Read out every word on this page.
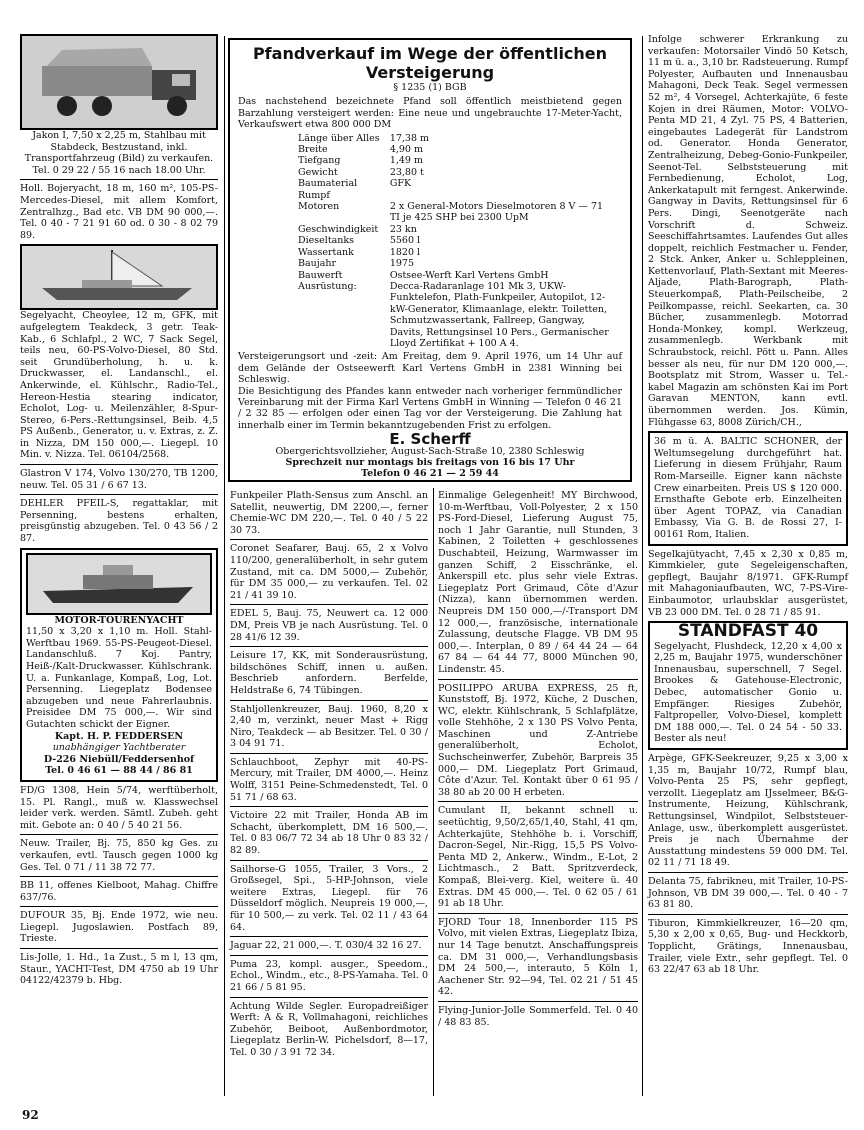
Jakon I, 7,50 x 2,25 m, Stahlbau mit Stabdeck, Bestzustand, inkl. Transportfahrzeug (Bild) zu verkaufen. Tel. 0 29 22 / 55 16 nach 18.00 Uhr.

Holl. Bojeryacht, 18 m, 160 m², 105-PS-Mercedes-Diesel, mit allem Komfort, Zentralhzg., Bad etc. VB DM 90 000,—. Tel. 0 40 - 7 21 91 60 od. 0 30 - 8 02 79 89.

Segelyacht, Cheoylee, 12 m, GFK, mit aufgelegtem Teakdeck, 3 getr. Teak-Kab., 6 Schlafpl., 2 WC, 7 Sack Segel, teils neu, 60-PS-Volvo-Diesel, 80 Std. seit Grundüberholung, h. u. k. Druckwasser, el. Landanschl., el. Ankerwinde, el. Kühlschr., Radio-Tel., Hereon-Hestia stearing indicator, Echolot, Log- u. Meilenzähler, 8-Spur-Stereo, 6-Pers.-Rettungsinsel, Beib. 4,5 PS Außenb., Generator, u. v. Extras, z. Z. in Nizza, DM 150 000,—. Liegepl. 10 Min. v. Nizza. Tel. 06104/2568.

Glastron V 174, Volvo 130/270, TB 1200, neuw. Tel. 05 31 / 6 67 13.

DEHLER PFEIL-S, regattaklar, mit Persenning, bestens erhalten, preisgünstig abzugeben. Tel. 0 43 56 / 2 87.

MOTOR-TOURENYACHT

11,50 x 3,20 x 1,10 m. Holl. Stahl-Werftbau 1969. 55-PS-Peugeot-Diesel. Landanschluß. 7 Koj. Pantry, Heiß-/Kalt-Druckwasser. Kühlschrank. U. a. Funkanlage, Kompaß, Log, Lot. Persenning. Liegeplatz Bodensee abzugeben und neue Fahrerlaubnis. Preisidee DM 75 000,—. Wir sind Gutachten schickt der Eigner.

Kapt. H. P. FEDDERSEN
unabhängiger Yachtberater
D-226 Niebüll/Feddersenhof
Tel. 0 46 61 — 88 44 / 86 81

FD/G 1308, Hein 5/74, werftüberholt, 15. Pl. Rangl., muß w. Klasswechsel leider verk. werden. Sämtl. Zubeh. geht mit. Gebote an: 0 40 / 5 40 21 56.

Neuw. Trailer, Bj. 75, 850 kg Ges. zu verkaufen, evtl. Tausch gegen 1000 kg Ges. Tel. 0 71 / 11 38 72 77.

BB 11, offenes Kielboot, Mahag. Chiffre 637/76.

DUFOUR 35, Bj. Ende 1972, wie neu. Liegepl. Jugoslawien. Postfach 89, Trieste.

Lis-Jolle, 1. Hd., 1a Zust., 5 m l, 13 qm, Staur., YACHT-Test, DM 4750 ab 19 Uhr 04122/42379 b. Hbg.

Pfandverkauf im Wege der öffentlichen Versteigerung
§ 1235 (1) BGB

Das nachstehend bezeichnete Pfand soll öffentlich meistbietend gegen Barzahlung versteigert werden: Eine neue und ungebrauchte 17-Meter-Yacht, Verkaufswert etwa 800 000 DM

Länge über Alles	17,38 m
Breite	4,90 m
Tiefgang	1,49 m
Gewicht	23,80 t
Baumaterial Rumpf	GFK
Motoren	2 x General-Motors Dieselmotoren 8 V — 71 TI je 425 SHP bei 2300 UpM
Geschwindigkeit	23 kn
Dieseltanks	5560 l
Wassertank	1820 l
Baujahr	1975
Bauwerft	Ostsee-Werft Karl Vertens GmbH
Ausrüstung:	Decca-Radaranlage 101 Mk 3, UKW-Funktelefon, Plath-Funkpeiler, Autopilot, 12-kW-Generator, Klimaanlage, elektr. Toiletten, Schmutzwassertank, Fallreep, Gangway, Davits, Rettungsinsel 10 Pers., Germanischer Lloyd Zertifikat + 100 A 4.

Versteigerungsort und -zeit: Am Freitag, dem 9. April 1976, um 14 Uhr auf dem Gelände der Ostseewerft Karl Vertens GmbH in 2381 Winning bei Schleswig.

Die Besichtigung des Pfandes kann entweder nach vorheriger fernmündlicher Vereinbarung mit der Firma Karl Vertens GmbH in Winning — Telefon 0 46 21 / 2 32 85 — erfolgen oder einen Tag vor der Versteigerung. Die Zahlung hat innerhalb einer im Termin bekanntzugebenden Frist zu erfolgen.

E. Scherff
Obergerichtsvollzieher, August-Sach-Straße 10, 2380 Schleswig
Sprechzeit nur montags bis freitags von 16 bis 17 Uhr
Telefon 0 46 21 — 2 59 44

Funkpeiler Plath-Sensus zum Anschl. an Satellit, neuwertig, DM 2200,—, ferner Chemie-WC DM 220,—. Tel. 0 40 / 5 22 30 73.

Coronet Seafarer, Bauj. 65, 2 x Volvo 110/200, generalüberholt, in sehr gutem Zustand, mit ca. DM 5000,— Zubehör, für DM 35 000,— zu verkaufen. Tel. 02 21 / 41 39 10.

EDEL 5, Bauj. 75, Neuwert ca. 12 000 DM, Preis VB je nach Ausrüstung. Tel. 0 28 41/6 12 39.

Leisure 17, KK, mit Sonderausrüstung, bildschönes Schiff, innen u. außen. Beschrieb anfordern. Berfelde, Heldstraße 6, 74 Tübingen.

Stahljollenkreuzer, Bauj. 1960, 8,20 x 2,40 m, verzinkt, neuer Mast + Rigg Niro, Teakdeck — ab Besitzer. Tel. 0 30 / 3 04 91 71.

Schlauchboot, Zephyr mit 40-PS-Mercury, mit Trailer, DM 4000,—. Heinz Wolff, 3151 Peine-Schmedenstedt, Tel. 0 51 71 / 68 63.

Victoire 22 mit Trailer, Honda AB im Schacht, überkomplett, DM 16 500,—. Tel. 0 83 06/7 72 34 ab 18 Uhr 0 83 32 / 82 89.

Sailhorse-G 1055, Trailer, 3 Vors., 2 Großsegel, Spi., 5-HP-Johnson, viele weitere Extras, Liegepl. für 76 Düsseldorf möglich. Neupreis 19 000,—, für 10 500,— zu verk. Tel. 02 11 / 43 64 64.

Jaguar 22, 21 000,—. T. 030/4 32 16 27.

Puma 23, kompl. ausger., Speedom., Echol., Windm., etc., 8-PS-Yamaha. Tel. 0 21 66 / 5 81 95.

Achtung Wilde Segler. Europadreißiger Werft: A & R, Vollmahagoni, reichliches Zubehör, Beiboot, Außenbordmotor, Liegeplatz Berlin-W. Pichelsdorf, 8—17, Tel. 0 30 / 3 91 72 34.

Einmalige Gelegenheit! MY Birchwood, 10-m-Werftbau, Voll-Polyester, 2 x 150 PS-Ford-Diesel, Lieferung August 75, noch 1 Jahr Garantie, null Stunden, 3 Kabinen, 2 Toiletten + geschlossenes Duschabteil, Heizung, Warmwasser im ganzen Schiff, 2 Eisschränke, el. Ankerspill etc. plus sehr viele Extras. Liegeplatz Port Grimaud, Côte d'Azur (Nizza), kann übernommen werden. Neupreis DM 150 000,—/-Transport DM 12 000,—, französische, internationale Zulassung, deutsche Flagge. VB DM 95 000,—. Interplan, 0 89 / 64 44 24 — 64 67 84 — 64 44 77, 8000 München 90, Lindenstr. 45.

POSILIPPO ARUBA EXPRESS, 25 ft, Kunststoff, Bj. 1972, Küche, 2 Duschen, WC, elektr. Kühlschrank, 5 Schlafplätze, volle Stehhöhe, 2 x 130 PS Volvo Penta, Maschinen und Z-Antriebe generalüberholt, Echolot, Suchscheinwerfer, Zubehör, Barpreis 35 000,— DM. Liegeplatz Port Grimaud, Côte d'Azur. Tel. Kontakt über 0 61 95 / 38 80 ab 20 00 H erbeten.

Cumulant II, bekannt schnell u. seetüchtig, 9,50/2,65/1,40, Stahl, 41 qm, Achterkajüte, Stehhöhe b. i. Vorschiff, Dacron-Segel, Nir.-Rigg, 15,5 PS Volvo-Penta MD 2, Ankerw., Windm., E-Lot, 2 Lichtmasch., 2 Batt. Spritzverdeck, Kompaß, Blei-verg. Kiel, weitere ü. 40 Extras. DM 45 000,—. Tel. 0 62 05 / 61 91 ab 18 Uhr.

FJORD Tour 18, Innenborder 115 PS Volvo, mit vielen Extras, Liegeplatz Ibiza, nur 14 Tage benutzt. Anschaffungspreis ca. DM 31 000,—, Verhandlungsbasis DM 24 500,—, interauto, 5 Köln 1, Aachener Str. 92—94, Tel. 02 21 / 51 45 42.

Flying-Junior-Jolle Sommerfeld. Tel. 0 40 / 48 83 85.

Infolge schwerer Erkrankung zu verkaufen: Motorsailer Vindö 50 Ketsch, 11 m ü. a., 3,10 br. Radsteuerung. Rumpf Polyester, Aufbauten und Innenausbau Mahagoni, Deck Teak. Segel vermessen 52 m², 4 Vorsegel, Achterkajüte, 6 feste Kojen in drei Räumen, Motor: VOLVO-Penta MD 21, 4 Zyl. 75 PS, 4 Batterien, eingebautes Ladegerät für Landstrom od. Generator. Honda Generator, Zentralheizung, Debeg-Gonio-Funkpeiler, Seenot-Tel. Selbststeuerung mit Fernbedienung, Echolot, Log, Ankerkatapult mit ferngest. Ankerwinde. Gangway in Davits, Rettungsinsel für 6 Pers. Dingi, Seenotgeräte nach Vorschrift d. Schweiz. Seeschiffahrtsamtes. Laufendes Gut alles doppelt, reichlich Festmacher u. Fender, 2 Stck. Anker, Anker u. Schleppleinen, Kettenvorlauf, Plath-Sextant mit Meeres-Aljade, Plath-Barograph, Plath-Steuerkompaß, Plath-Peilscheibe, 2 Peilkompasse, reichl. Seekarten, ca. 30 Bücher, zusammenlegb. Motorrad Honda-Monkey, kompl. Werkzeug, zusammenlegb. Werkbank mit Schraubstock, reichl. Pött u. Pann. Alles besser als neu, für nur DM 120 000,—. Bootsplatz mit Strom, Wasser u. Tel.-kabel Magazin am schönsten Kai im Port Garavan MENTON, kann evtl. übernommen werden. Jos. Kümin, Flühgasse 63, 8008 Zürich/CH.,

36 m ü. A. BALTIC SCHONER, der Weltumsegelung durchgeführt hat. Lieferung in diesem Frühjahr, Raum Rom-Marseille. Eigner kann nächste Crew einarbeiten. Preis US $ 120 000. Ernsthafte Gebote erb. Einzelheiten über Agent TOPAZ, via Canadian Embassy, Via G. B. de Rossi 27, I-00161 Rom, Italien.

Segelkajütyacht, 7,45 x 2,30 x 0,85 m, Kimmkieler, gute Segeleigenschaften, gepflegt, Baujahr 8/1971. GFK-Rumpf mit Mahagoniaufbauten, WC, 7-PS-Vire-Einbaumotor, urlaubsklar ausgerüstet, VB 23 000 DM. Tel. 0 28 71 / 85 91.

STANDFAST 40

Segelyacht, Flushdeck, 12,20 x 4,00 x 2,25 m, Baujahr 1975, wunderschöner Innenausbau, superschnell, 7 Segel. Brookes & Gatehouse-Electronic, Debec, automatischer Gonio u. Empfänger. Riesiges Zubehör, Faltpropeller, Volvo-Diesel, komplett DM 188 000,—. Tel. 0 24 54 - 50 33. Bester als neu!

Arpège, GFK-Seekreuzer, 9,25 x 3,00 x 1,35 m, Baujahr 10/72, Rumpf blau, Volvo-Penta 25 PS, sehr gepflegt, verzollt. Liegeplatz am IJsselmeer, B&G-Instrumente, Heizung, Kühlschrank, Rettungsinsel, Windpilot, Selbststeuer-Anlage, usw., überkomplett ausgerüstet. Preis je nach Übernahme der Ausstattung mindestens 59 000 DM. Tel. 02 11 / 71 18 49.

Delanta 75, fabrikneu, mit Trailer, 10-PS-Johnson, VB DM 39 000,—. Tel. 0 40 - 7 63 81 80.

Tiburon, Kimmkielkreuzer, 16—20 qm, 5,30 x 2,00 x 0,65, Bug- und Heckkorb, Topplicht, Grätings, Innenausbau, Trailer, viele Extr., sehr gepflegt. Tel. 0 63 22/47 63 ab 18 Uhr.

92
